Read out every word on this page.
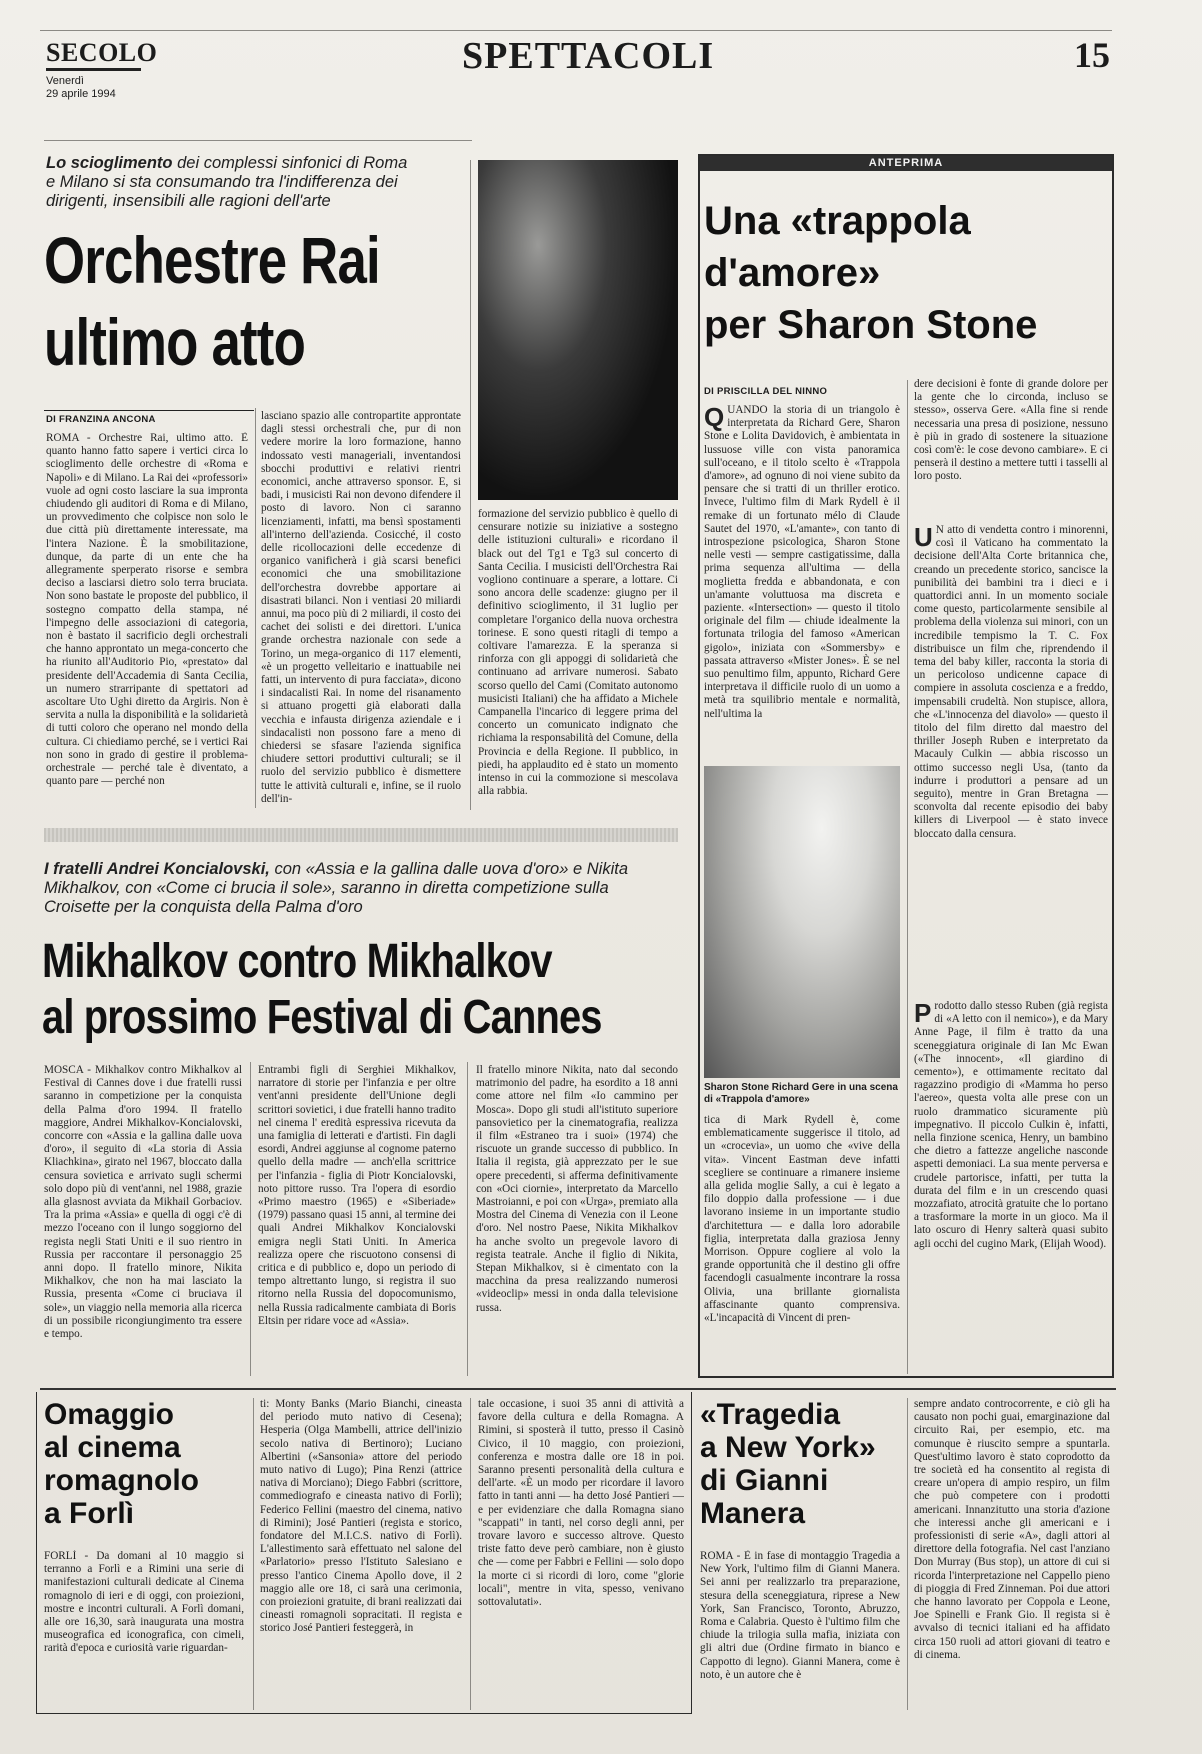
SECOLO
Venerdì
29 aprile 1994
SPETTACOLI	15
Lo scioglimento dei complessi sinfonici di Roma e Milano si sta consumando tra l'indifferenza dei dirigenti, insensibili alle ragioni dell'arte
Orchestre Rai
ultimo atto
DI FRANZINA ANCONA
ROMA - Orchestre Rai, ultimo atto. È quanto hanno fatto sapere i vertici circa lo scioglimento delle orchestre di «Roma e Napoli» e di Milano. La Rai dei «professori» vuole ad ogni costo lasciare la sua impronta chiudendo gli auditori di Roma e di Milano, un provvedimento che colpisce non solo le due città più direttamente interessate, ma l'intera Nazione. È la smobilitazione, dunque, da parte di un ente che ha allegramente sperperato risorse e sembra deciso a lasciarsi dietro solo terra bruciata. Non sono bastate le proposte del pubblico, il sostegno compatto della stampa, né l'impegno delle associazioni di categoria, non è bastato il sacrificio degli orchestrali che hanno approntato un mega-concerto che ha riunito all'Auditorio Pio, «prestato» dal presidente dell'Accademia di Santa Cecilia, un numero strarripante di spettatori ad ascoltare Uto Ughi diretto da Argiris. Non è servita a nulla la disponibilità e la solidarietà di tutti coloro che operano nel mondo della cultura. Ci chiediamo perché, se i vertici Rai non sono in grado di gestire il problema-orchestrale — perché tale è diventato, a quanto pare — perché non
lasciano spazio alle contropartite approntate dagli stessi orchestrali che, pur di non vedere morire la loro formazione, hanno indossato vesti manageriali, inventandosi sbocchi produttivi e relativi rientri economici, anche attraverso sponsor. E, si badi, i musicisti Rai non devono difendere il posto di lavoro. Non ci saranno licenziamenti, infatti, ma bensì spostamenti all'interno dell'azienda. Cosicché, il costo delle ricollocazioni delle eccedenze di organico vanificherà i già scarsi benefici economici che una smobilitazione dell'orchestra dovrebbe apportare ai disastrati bilanci. Non i ventiasi 20 miliardi annui, ma poco più di 2 miliardi, il costo dei cachet dei solisti e dei direttori. L'unica grande orchestra nazionale con sede a Torino, un mega-organico di 117 elementi, «è un progetto velleitario e inattuabile nei fatti, un intervento di pura facciata», dicono i sindacalisti Rai. In nome del risanamento si attuano progetti già elaborati dalla vecchia e infausta dirigenza aziendale e i sindacalisti non possono fare a meno di chiedersi se sfasare l'azienda significa chiudere settori produttivi culturali; se il ruolo del servizio pubblico è dismettere tutte le attività culturali e, infine, se il ruolo dell'in-
formazione del servizio pubblico è quello di censurare notizie su iniziative a sostegno delle istituzioni culturali» e ricordano il black out del Tg1 e Tg3 sul concerto di Santa Cecilia. I musicisti dell'Orchestra Rai vogliono continuare a sperare, a lottare. Ci sono ancora delle scadenze: giugno per il definitivo scioglimento, il 31 luglio per completare l'organico della nuova orchestra torinese. E sono questi ritagli di tempo a coltivare l'amarezza. E la speranza si rinforza con gli appoggi di solidarietà che continuano ad arrivare numerosi. Sabato scorso quello del Cami (Comitato autonomo musicisti Italiani) che ha affidato a Michele Campanella l'incarico di leggere prima del concerto un comunicato indignato che richiama la responsabilità del Comune, della Provincia e della Regione. Il pubblico, in piedi, ha applaudito ed è stato un momento intenso in cui la commozione si mescolava alla rabbia.
I fratelli Andrei Koncialovski, con «Assia e la gallina dalle uova d'oro» e Nikita Mikhalkov, con «Come ci brucia il sole», saranno in diretta competizione sulla Croisette per la conquista della Palma d'oro
Mikhalkov contro Mikhalkov
al prossimo Festival di Cannes
MOSCA - Mikhalkov contro Mikhalkov al Festival di Cannes dove i due fratelli russi saranno in competizione per la conquista della Palma d'oro 1994. Il fratello maggiore, Andrei Mikhalkov-Koncialovski, concorre con «Assia e la gallina dalle uova d'oro», il seguito di «La storia di Assia Kliachkina», girato nel 1967, bloccato dalla censura sovietica e arrivato sugli schermi solo dopo più di vent'anni, nel 1988, grazie alla glasnost avviata da Mikhail Gorbaciov. Tra la prima «Assia» e quella di oggi c'è di mezzo l'oceano con il lungo soggiorno del regista negli Stati Uniti e il suo rientro in Russia per raccontare il personaggio 25 anni dopo. Il fratello minore, Nikita Mikhalkov, che non ha mai lasciato la Russia, presenta «Come ci bruciava il sole», un viaggio nella memoria alla ricerca di un possibile ricongiungimento tra essere e tempo.
Entrambi figli di Serghiei Mikhalkov, narratore di storie per l'infanzia e per oltre vent'anni presidente dell'Unione degli scrittori sovietici, i due fratelli hanno tradito nel cinema l' eredità espressiva ricevuta da una famiglia di letterati e d'artisti. Fin dagli esordi, Andrei aggiunse al cognome paterno quello della madre — anch'ella scrittrice per l'infanzia - figlia di Piotr Koncialovski, noto pittore russo. Tra l'opera di esordio «Primo maestro (1965) e «Siberiade» (1979) passano quasi 15 anni, al termine dei quali Andrei Mikhalkov Koncialovski emigra negli Stati Uniti. In America realizza opere che riscuotono consensi di critica e di pubblico e, dopo un periodo di tempo altrettanto lungo, si registra il suo ritorno nella Russia del dopocomunismo, nella Russia radicalmente cambiata di Boris Eltsin per ridare voce ad «Assia».
Il fratello minore Nikita, nato dal secondo matrimonio del padre, ha esordito a 18 anni come attore nel film «Io cammino per Mosca». Dopo gli studi all'istituto superiore pansovietico per la cinematografia, realizza il film «Estraneo tra i suoi» (1974) che riscuote un grande successo di pubblico. In Italia il regista, già apprezzato per le sue opere precedenti, si afferma definitivamente con «Oci ciornie», interpretato da Marcello Mastroianni, e poi con «Urga», premiato alla Mostra del Cinema di Venezia con il Leone d'oro. Nel nostro Paese, Nikita Mikhalkov ha anche svolto un pregevole lavoro di regista teatrale. Anche il figlio di Nikita, Stepan Mikhalkov, si è cimentato con la macchina da presa realizzando numerosi «videoclip» messi in onda dalla televisione russa.
ANTEPRIMA
Una «trappola
d'amore»
per Sharon Stone
DI PRISCILLA DEL NINNO
QUANDO la storia di un triangolo è interpretata da Richard Gere, Sharon Stone e Lolita Davidovich, è ambientata in lussuose ville con vista panoramica sull'oceano, e il titolo scelto è «Trappola d'amore», ad ognuno di noi viene subito da pensare che si tratti di un thriller erotico. Invece, l'ultimo film di Mark Rydell è il remake di un fortunato mélo di Claude Sautet del 1970, «L'amante», con tanto di introspezione psicologica, Sharon Stone nelle vesti — sempre castigatissime, dalla prima sequenza all'ultima — della moglietta fredda e abbandonata, e con un'amante voluttuosa ma discreta e paziente. «Intersection» — questo il titolo originale del film — chiude idealmente la fortunata trilogia del famoso «American gigolo», iniziata con «Sommersby» e passata attraverso «Mister Jones». È se nel suo penultimo film, appunto, Richard Gere interpretava il difficile ruolo di un uomo a metà tra squilibrio mentale e normalità, nell'ultima la
Sharon Stone Richard Gere in una scena di «Trappola d'amore»
tica di Mark Rydell è, come emblematicamente suggerisce il titolo, ad un «crocevia», un uomo che «vive della vita». Vincent Eastman deve infatti scegliere se continuare a rimanere insieme alla gelida moglie Sally, a cui è legato a filo doppio dalla professione — i due lavorano insieme in un importante studio d'architettura — e dalla loro adorabile figlia, interpretata dalla graziosa Jenny Morrison. Oppure cogliere al volo la grande opportunità che il destino gli offre facendogli casualmente incontrare la rossa Olivia, una brillante giornalista affascinante quanto comprensiva. «L'incapacità di Vincent di pren-
dere decisioni è fonte di grande dolore per la gente che lo circonda, incluso se stesso», osserva Gere. «Alla fine si rende necessaria una presa di posizione, nessuno è più in grado di sostenere la situazione così com'è: le cose devono cambiare». E ci penserà il destino a mettere tutti i tasselli al loro posto.
U N atto di vendetta contro i minorenni, così il Vaticano ha commentato la decisione dell'Alta Corte britannica che, creando un precedente storico, sancisce la punibilità dei bambini tra i dieci e i quattordici anni. In un momento sociale come questo, particolarmente sensibile al problema della violenza sui minori, con un incredibile tempismo la T. C. Fox distribuisce un film che, riprendendo il tema del baby killer, racconta la storia di un pericoloso undicenne capace di compiere in assoluta coscienza e a freddo, impensabili crudeltà. Non stupisce, allora, che «L'innocenza del diavolo» — questo il titolo del film diretto dal maestro del thriller Joseph Ruben e interpretato da Macauly Culkin — abbia riscosso un ottimo successo negli Usa, (tanto da indurre i produttori a pensare ad un seguito), mentre in Gran Bretagna — sconvolta dal recente episodio dei baby killers di Liverpool — è stato invece bloccato dalla censura.
Prodotto dallo stesso Ruben (già regista di «A letto con il nemico»), e da Mary Anne Page, il film è tratto da una sceneggiatura originale di Ian Mc Ewan («The innocent», «Il giardino di cemento»), e ottimamente recitato dal ragazzino prodigio di «Mamma ho perso l'aereo», questa volta alle prese con un ruolo drammatico sicuramente più impegnativo. Il piccolo Culkin è, infatti, nella finzione scenica, Henry, un bambino che dietro a fattezze angeliche nasconde aspetti demoniaci. La sua mente perversa e crudele partorisce, infatti, per tutta la durata del film e in un crescendo quasi mozzafiato, atrocità gratuite che lo portano a trasformare la morte in un gioco. Ma il lato oscuro di Henry salterà quasi subito agli occhi del cugino Mark, (Elijah Wood).
Omaggio
al cinema
romagnolo
a Forlì
FORLÌ - Da domani al 10 maggio si terranno a Forlì e a Rimini una serie di manifestazioni culturali dedicate al Cinema romagnolo di ieri e di oggi, con proiezioni, mostre e incontri culturali. A Forlì domani, alle ore 16,30, sarà inaugurata una mostra museografica ed iconografica, con cimeli, rarità d'epoca e curiosità varie riguardan-
ti: Monty Banks (Mario Bianchi, cineasta del periodo muto nativo di Cesena); Hesperia (Olga Mambelli, attrice dell'inizio secolo nativa di Bertinoro); Luciano Albertini («Sansonia» attore del periodo muto nativo di Lugo); Pina Renzi (attrice nativa di Morciano); Diego Fabbri (scrittore, commediografo e cineasta nativo di Forlì); Federico Fellini (maestro del cinema, nativo di Rimini); José Pantieri (regista e storico, fondatore del M.I.C.S. nativo di Forlì). L'allestimento sarà effettuato nel salone del «Parlatorio» presso l'Istituto Salesiano e presso l'antico Cinema Apollo dove, il 2 maggio alle ore 18, ci sarà una cerimonia, con proiezioni gratuite, di brani realizzati dai cineasti romagnoli sopracitati. Il regista e storico José Pantieri festeggerà, in
tale occasione, i suoi 35 anni di attività a favore della cultura e della Romagna. A Rimini, si sposterà il tutto, presso il Casinò Civico, il 10 maggio, con proiezioni, conferenza e mostra dalle ore 18 in poi. Saranno presenti personalità della cultura e dell'arte. «È un modo per ricordare il lavoro fatto in tanti anni — ha detto José Pantieri — e per evidenziare che dalla Romagna siano "scappati" in tanti, nel corso degli anni, per trovare lavoro e successo altrove. Questo triste fatto deve però cambiare, non è giusto che — come per Fabbri e Fellini — solo dopo la morte ci si ricordi di loro, come "glorie locali", mentre in vita, spesso, venivano sottovalutati».
«Tragedia
a New York»
di Gianni
Manera
ROMA - È in fase di montaggio Tragedia a New York, l'ultimo film di Gianni Manera. Sei anni per realizzarlo tra preparazione, stesura della sceneggiatura, riprese a New York, San Francisco, Toronto, Abruzzo, Roma e Calabria. Questo è l'ultimo film che chiude la trilogia sulla mafia, iniziata con gli altri due (Ordine firmato in bianco e Cappotto di legno). Gianni Manera, come è noto, è un autore che è
sempre andato controcorrente, e ciò gli ha causato non pochi guai, emarginazione dal circuito Rai, per esempio, etc. ma comunque è riuscito sempre a spuntarla. Quest'ultimo lavoro è stato coprodotto da tre società ed ha consentito al regista di creare un'opera di ampio respiro, un film che può competere con i prodotti americani. Innanzitutto una storia d'azione che interessi anche gli americani e i professionisti di serie «A», dagli attori al direttore della fotografia. Nel cast l'anziano Don Murray (Bus stop), un attore di cui si ricorda l'interpretazione nel Cappello pieno di pioggia di Fred Zinneman. Poi due attori che hanno lavorato per Coppola e Leone, Joe Spinelli e Frank Gio. Il regista si è avvalso di tecnici italiani ed ha affidato circa 150 ruoli ad attori giovani di teatro e di cinema.
